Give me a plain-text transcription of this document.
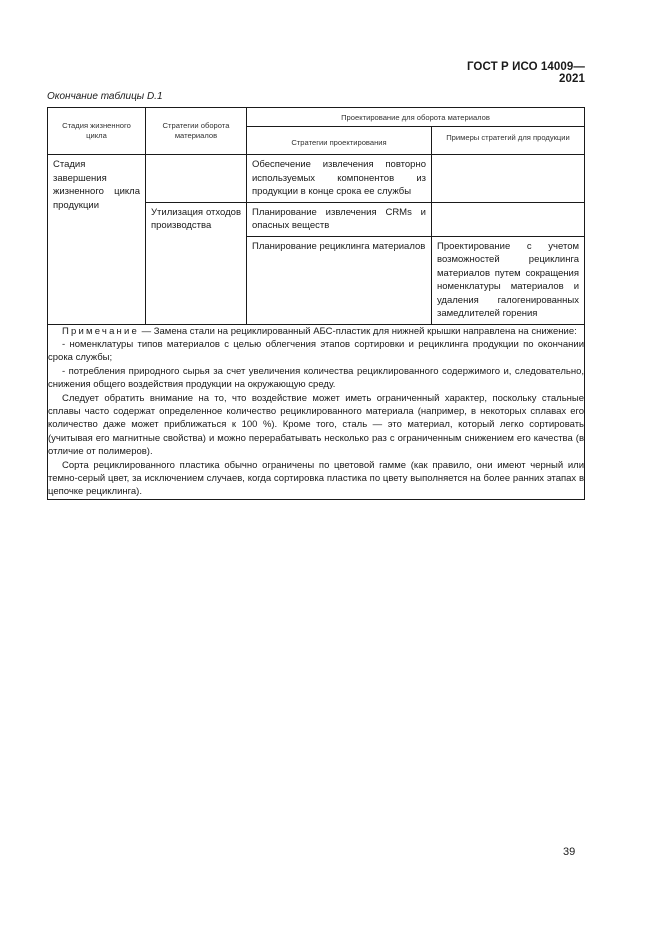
ГОСТ Р ИСО 14009—2021
Окончание таблицы D.1
Стадия жизненного цикла	Стратегии оборота материалов	Проектирование для оборота материалов	

		Стратегии проектирования	Примеры стратегий для продукции

Стадия завершения жизненного цикла продукции		Обеспечение извлечения повторно используемых компонентов из продукции в конце срока ее службы	

	Утилизация отходов производства	Планирование извлечения CRMs и опасных веществ	

		Планирование рециклинга материалов	Проектирование с учетом возможностей рециклинга материалов путем сокращения номенклатуры материалов и удаления галогенированных замедлителей горения

Примечание — Замена стали на рециклированный АБС-пластик для нижней крышки направлена на снижение:

- номенклатуры типов материалов с целью облегчения этапов сортировки и рециклинга продукции по окончании срока службы;

- потребления природного сырья за счет увеличения количества рециклированного содержимого и, следовательно, снижения общего воздействия продукции на окружающую среду.

Следует обратить внимание на то, что воздействие может иметь ограниченный характер, поскольку стальные сплавы часто содержат определенное количество рециклированного материала (например, в некоторых сплавах его количество даже может приближаться к 100 %). Кроме того, сталь — это материал, который легко сортировать (учитывая его магнитные свойства) и можно перерабатывать несколько раз с ограниченным снижением его качества (в отличие от полимеров).

Сорта рециклированного пластика обычно ограничены по цветовой гамме (как правило, они имеют черный или темно-серый цвет, за исключением случаев, когда сортировка пластика по цвету выполняется на более ранних этапах в цепочке рециклинга).			

39
